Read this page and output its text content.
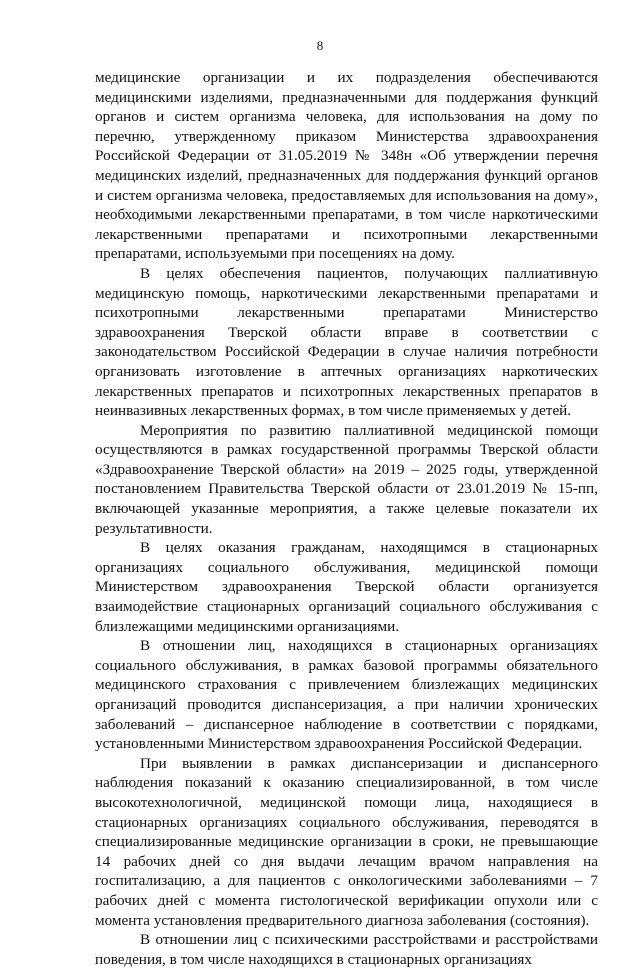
8

медицинские организации и их подразделения обеспечиваются медицинскими изделиями, предназначенными для поддержания функций органов и систем организма человека, для использования на дому по перечню, утвержденному приказом Министерства здравоохранения Российской Федерации от 31.05.2019 № 348н «Об утверждении перечня медицинских изделий, предназначенных для поддержания функций органов и систем организма человека, предоставляемых для использования на дому», необходимыми лекарственными препаратами, в том числе наркотическими лекарственными препаратами и психотропными лекарственными препаратами, используемыми при посещениях на дому.

В целях обеспечения пациентов, получающих паллиативную медицинскую помощь, наркотическими лекарственными препаратами и психотропными лекарственными препаратами Министерство здравоохранения Тверской области вправе в соответствии с законодательством Российской Федерации в случае наличия потребности организовать изготовление в аптечных организациях наркотических лекарственных препаратов и психотропных лекарственных препаратов в неинвазивных лекарственных формах, в том числе применяемых у детей.

Мероприятия по развитию паллиативной медицинской помощи осуществляются в рамках государственной программы Тверской области «Здравоохранение Тверской области» на 2019 – 2025 годы, утвержденной постановлением Правительства Тверской области от 23.01.2019 № 15-пп, включающей указанные мероприятия, а также целевые показатели их результативности.

В целях оказания гражданам, находящимся в стационарных организациях социального обслуживания, медицинской помощи Министерством здравоохранения Тверской области организуется взаимодействие стационарных организаций социального обслуживания с близлежащими медицинскими организациями.

В отношении лиц, находящихся в стационарных организациях социального обслуживания, в рамках базовой программы обязательного медицинского страхования с привлечением близлежащих медицинских организаций проводится диспансеризация, а при наличии хронических заболеваний – диспансерное наблюдение в соответствии с порядками, установленными Министерством здравоохранения Российской Федерации.

При выявлении в рамках диспансеризации и диспансерного наблюдения показаний к оказанию специализированной, в том числе высокотехнологичной, медицинской помощи лица, находящиеся в стационарных организациях социального обслуживания, переводятся в специализированные медицинские организации в сроки, не превышающие 14 рабочих дней со дня выдачи лечащим врачом направления на госпитализацию, а для пациентов с онкологическими заболеваниями – 7 рабочих дней с момента гистологической верификации опухоли или с момента установления предварительного диагноза заболевания (состояния).

В отношении лиц с психическими расстройствами и расстройствами поведения, в том числе находящихся в стационарных организациях
